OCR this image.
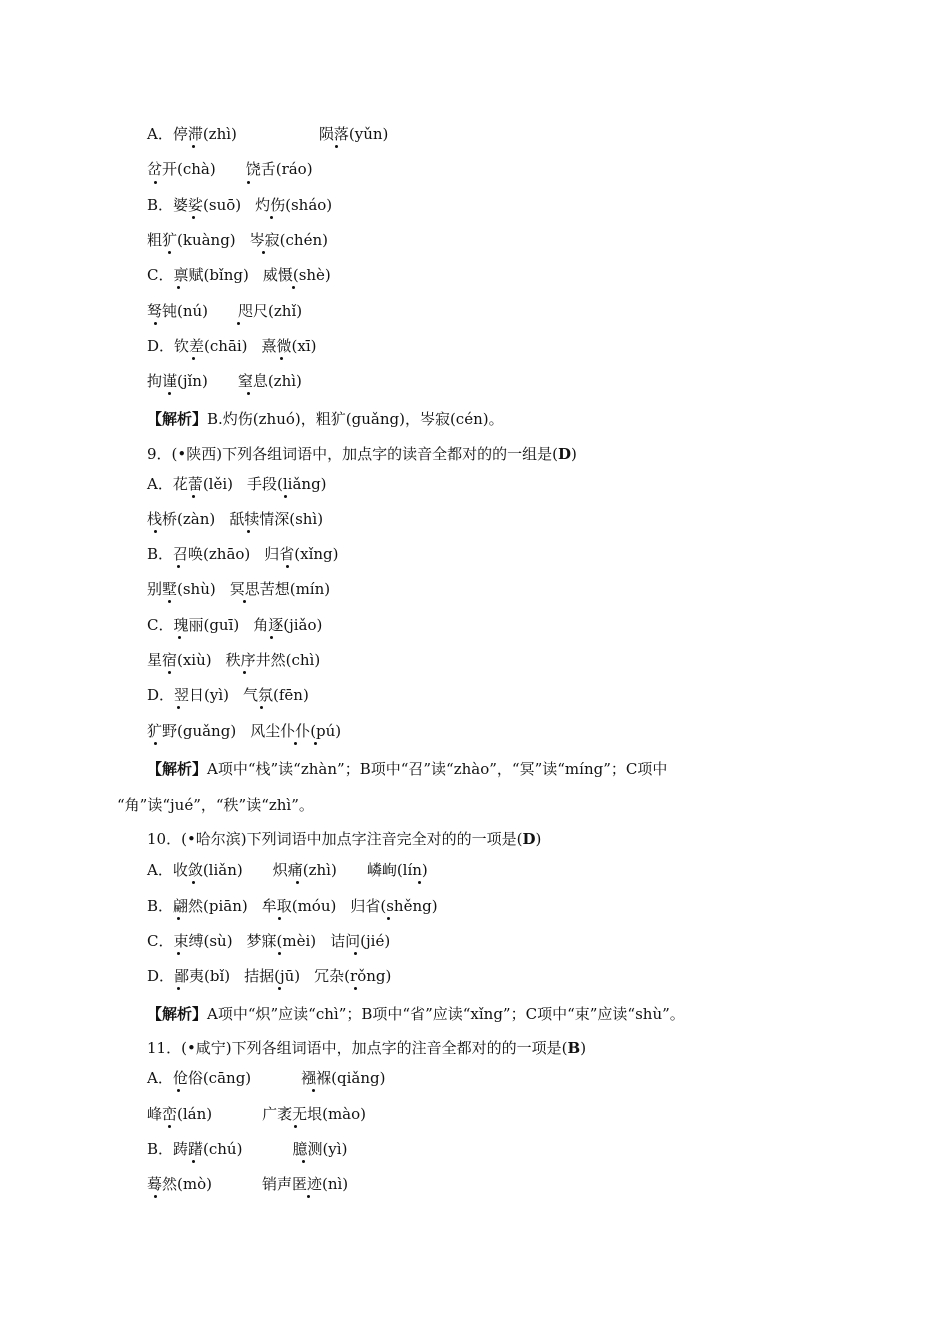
A．停滞(zhì)	陨落(yǔn)
岔开(chà) 饶舌(ráo)
B．婆娑(suō) 灼伤(sháo)
粗犷(kuàng) 岑寂(chén)
C．禀赋(bǐng) 威慑(shè)
驽钝(nú) 咫尺(zhǐ)
D．钦差(chāi) 熹微(xī)
拘谨(jǐn) 窒息(zhì)
【解析】B.灼伤(zhuó)，粗犷(guǎng)，岑寂(cén)。
9．(•陕西)下列各组词语中，加点字的读音全都对的的一组是(D)
A．花蕾(lěi) 手段(liǎng)
栈桥(zàn) 舐犊情深(shì)
B．召唤(zhāo) 归省(xǐng)
别墅(shù) 冥思苦想(mín)
C．瑰丽(guī) 角逐(jiǎo)
星宿(xiù) 秩序井然(chì)
D．翌日(yì) 气氛(fēn)
犷野(guǎng) 风尘仆仆(pú)
【解析】A项中“栈”读“zhàn”；B项中“召”读“zhào”，“冥”读“míng”；C项中
“角”读“jué”，“秩”读“zhì”。
10．(•哈尔滨)下列词语中加点字注音完全对的的一项是(D)
A．收敛(liǎn) 炽痛(zhì) 嶙峋(lín)
B．翩然(piān) 牟取(móu) 归省(shěng)
C．束缚(sù) 梦寐(mèi) 诘问(jié)
D．鄙夷(bǐ) 拮据(jū) 冗杂(rǒng)
【解析】A项中“炽”应读“chì”；B项中“省”应读“xǐng”；C项中“束”应读“shù”。
11．(•咸宁)下列各组词语中，加点字的注音全都对的的一项是(B)
A．伧俗(cāng)	襁褓(qiǎng)
峰峦(lán)	广袤无垠(mào)
B．踌躇(chú)	臆测(yì)
蓦然(mò)	销声匿迹(nì)
